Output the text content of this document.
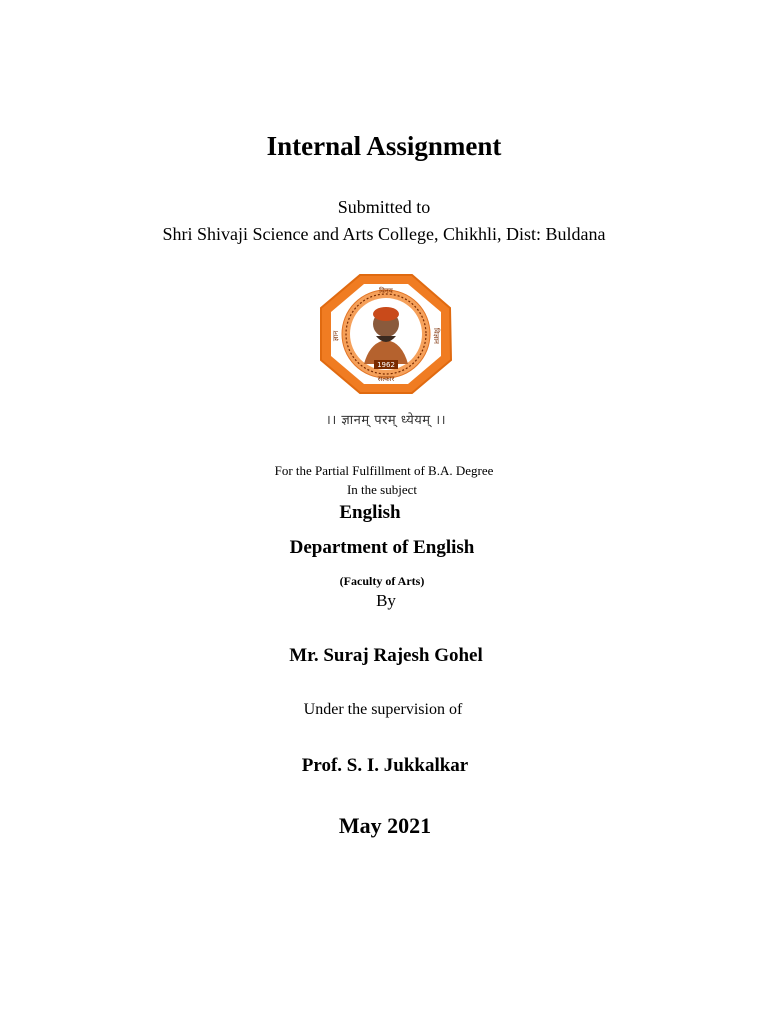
Internal Assignment
Submitted to
Shri Shivaji Science and Arts College, Chikhli, Dist: Buldana
1962
विनय
सत्कार
ज्ञान	विज्ञान
।। ज्ञानम् परम् ध्येयम् ।।
For the Partial Fulfillment of B.A. Degree
In the subject
English
Department of English
(Faculty of Arts)
By
Mr. Suraj Rajesh Gohel
Under the supervision of
Prof. S. I. Jukkalkar
May 2021
